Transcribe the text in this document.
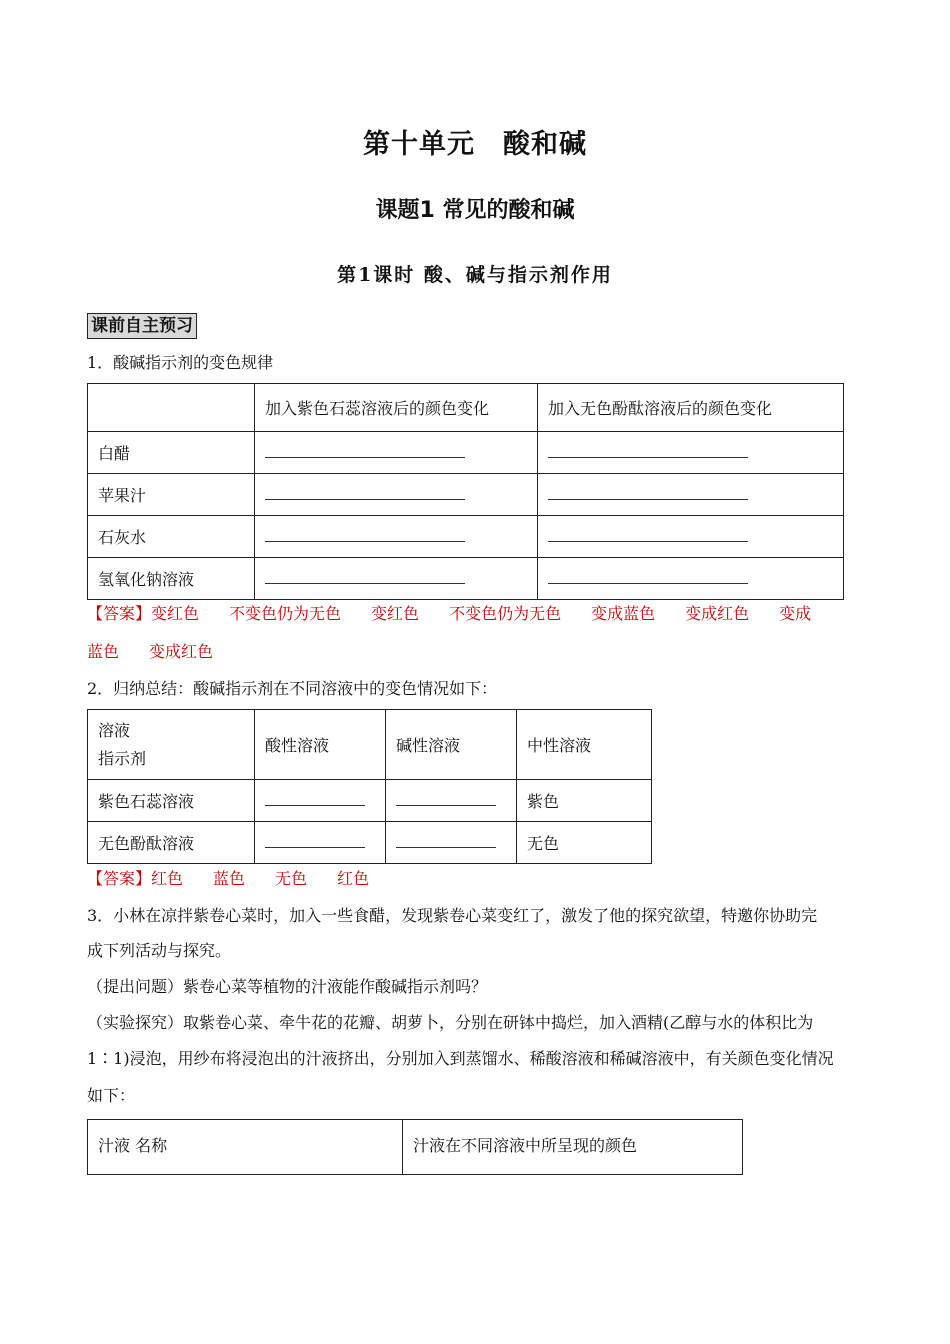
第十单元　酸和碱
课题1 常见的酸和碱
第1课时 酸、碱与指示剂作用
课前自主预习
1．酸碱指示剂的变色规律
	加入紫色石蕊溶液后的颜色变化	加入无色酚酞溶液后的颜色变化
白醋		
苹果汁		
石灰水		
氢氧化钠溶液		
【答案】变红色 不变色仍为无色 变红色 不变色仍为无色 变成蓝色 变成红色 变成
蓝色 变成红色
2．归纳总结：酸碱指示剂在不同溶液中的变色情况如下：
溶液
指示剂	酸性溶液	碱性溶液	中性溶液
紫色石蕊溶液			紫色
无色酚酞溶液			无色
【答案】红色 蓝色 无色 红色
3．小林在凉拌紫卷心菜时，加入一些食醋，发现紫卷心菜变红了，激发了他的探究欲望，特邀你协助完
成下列活动与探究。
（提出问题）紫卷心菜等植物的汁液能作酸碱指示剂吗？
（实验探究）取紫卷心菜、牵牛花的花瓣、胡萝卜，分别在研钵中捣烂，加入酒精(乙醇与水的体积比为
1∶1)浸泡，用纱布将浸泡出的汁液挤出，分别加入到蒸馏水、稀酸溶液和稀碱溶液中，有关颜色变化情况
如下：
汁液 名称	汁液在不同溶液中所呈现的颜色
